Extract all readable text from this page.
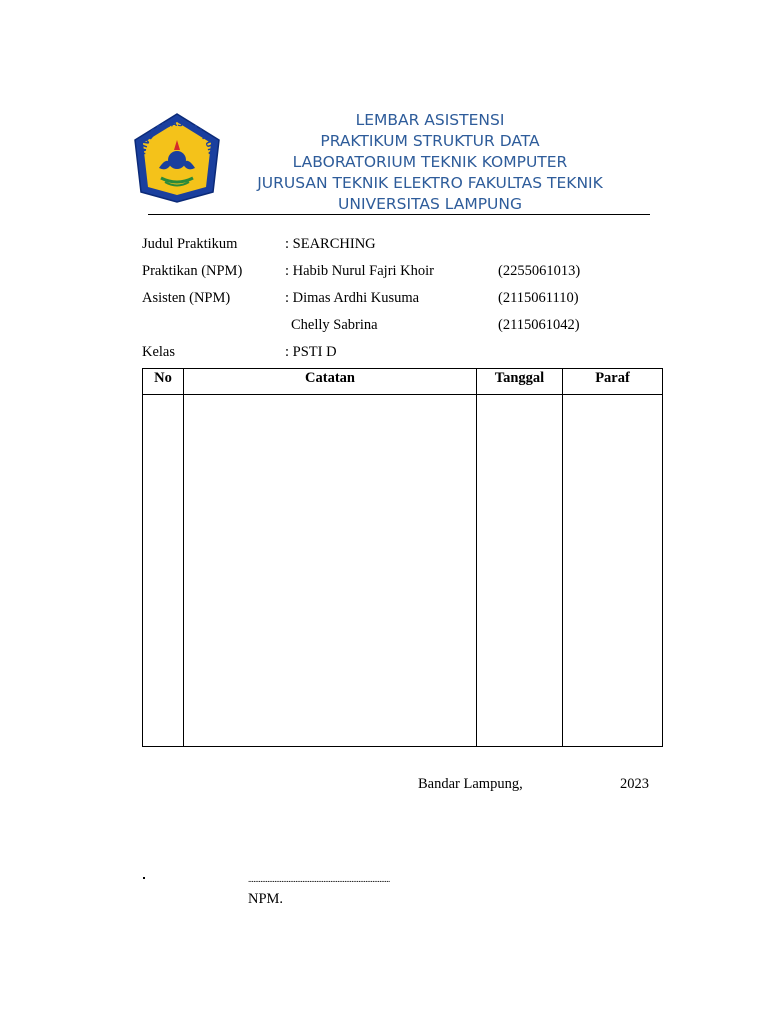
NIVERSITAS LAMPUN
LEMBAR ASISTENSI
PRAKTIKUM STRUKTUR DATA
LABORATORIUM TEKNIK KOMPUTER
JURUSAN TEKNIK ELEKTRO FAKULTAS TEKNIK
UNIVERSITAS LAMPUNG
Judul Praktikum	: SEARCHING
Praktikan (NPM)	: Habib Nurul Fajri Khoir	(2255061013)
Asisten (NPM)	: Dimas Ardhi Kusuma	(2115061110)
Chelly Sabrina	(2115061042)
Kelas	: PSTI D
No	Catatan	Tanggal	Paraf

Bandar Lampung,	2023
.................................................................................
NPM.
